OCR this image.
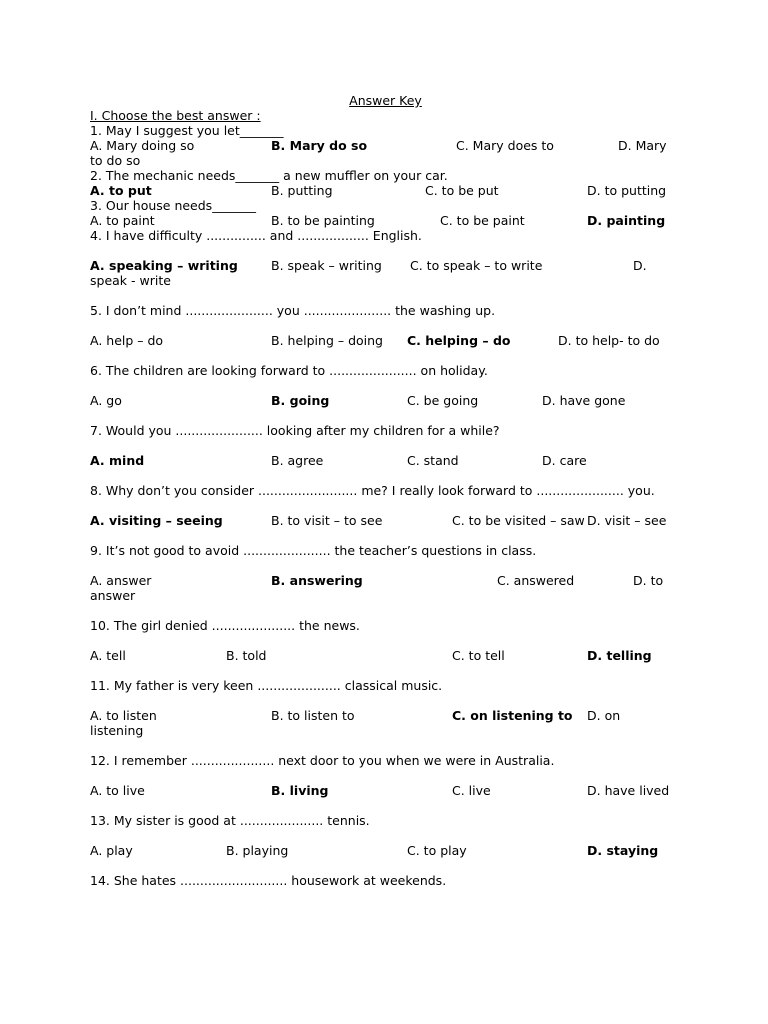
Answer Key
I. Choose the best answer :
1. May I suggest you let_______
A. Mary doing so	B. Mary do so	C. Mary does to	D. Mary
to do so
2. The mechanic needs_______ a new muffler on your car.
A. to put	B. putting	C. to be put	D. to putting
3. Our house needs_______
A. to paint	B. to be painting	C. to be paint	D. painting
4. I have difficulty ............... and .................. English.
A. speaking – writing	B. speak – writing C. to speak – to write	D.
speak - write
5. I don’t mind ...................... you ...................... the washing up.
A. help – do	B. helping – doing C. helping – do	D. to help- to do
6. The children are looking forward to ...................... on holiday.
A. go	B. going	C. be going	D. have gone
7. Would you ...................... looking after my children for a while?
A. mind	B. agree	C. stand	D. care
8. Why don’t you consider ......................... me? I really look forward to ...................... you.
A. visiting – seeing	B. to visit – to see	C. to be visited – saw D. visit – see
9. It’s not good to avoid ...................... the teacher’s questions in class.
A. answer	B. answering	C. answered	D. to
answer
10. The girl denied ..................... the news.
A. tell	B. told	C. to tell	D. telling
11. My father is very keen ..................... classical music.
A. to listen	B. to listen to	C. on listening to D. on
listening
12. I remember ..................... next door to you when we were in Australia.
A. to live	B. living	C. live	D. have lived
13. My sister is good at ..................... tennis.
A. play	B. playing	C. to play	D. staying
14. She hates ........................... housework at weekends.
